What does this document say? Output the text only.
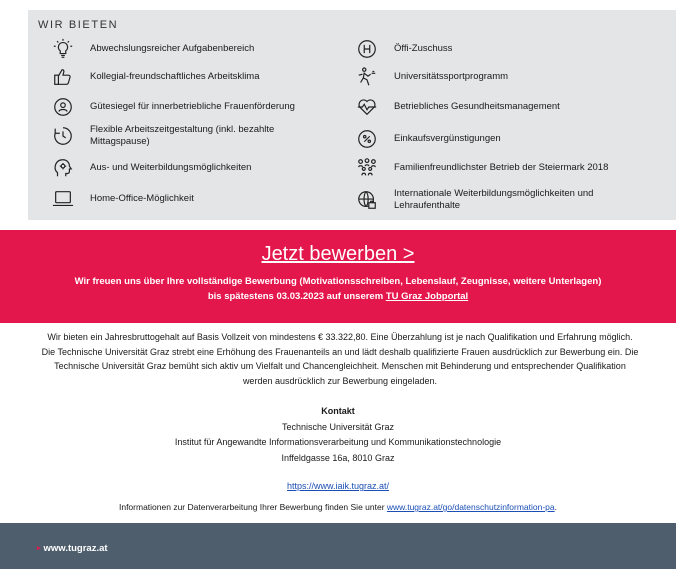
WIR BIETEN
Abwechslungsreicher Aufgabenbereich
Kollegial-freundschaftliches Arbeitsklima
Gütesiegel für innerbetriebliche Frauenförderung
Flexible Arbeitszeitgestaltung (inkl. bezahlte Mittagspause)
Aus- und Weiterbildungsmöglichkeiten
Home-Office-Möglichkeit
Öffi-Zuschuss
Universitätssportprogramm
Betriebliches Gesundheitsmanagement
Einkaufsvergünstigungen
Familienfreundlichster Betrieb der Steiermark 2018
Internationale Weiterbildungsmöglichkeiten und Lehraufenthalte
Jetzt bewerben >
Wir freuen uns über Ihre vollständige Bewerbung (Motivationsschreiben, Lebenslauf, Zeugnisse, weitere Unterlagen)
bis spätestens 03.03.2023 auf unserem TU Graz Jobportal
Wir bieten ein Jahresbruttogehalt auf Basis Vollzeit von mindestens € 33.322,80. Eine Überzahlung ist je nach Qualifikation und Erfahrung möglich. Die Technische Universität Graz strebt eine Erhöhung des Frauenanteils an und lädt deshalb qualifizierte Frauen ausdrücklich zur Bewerbung ein. Die Technische Universität Graz bemüht sich aktiv um Vielfalt und Chancengleichheit. Menschen mit Behinderung und entsprechender Qualifikation werden ausdrücklich zur Bewerbung eingeladen.
Kontakt
Technische Universität Graz
Institut für Angewandte Informationsverarbeitung und Kommunikationstechnologie
Inffeldgasse 16a, 8010 Graz
https://www.iaik.tugraz.at/
Informationen zur Datenverarbeitung Ihrer Bewerbung finden Sie unter www.tugraz.at/go/datenschutzinformation-pa.
▸ www.tugraz.at
